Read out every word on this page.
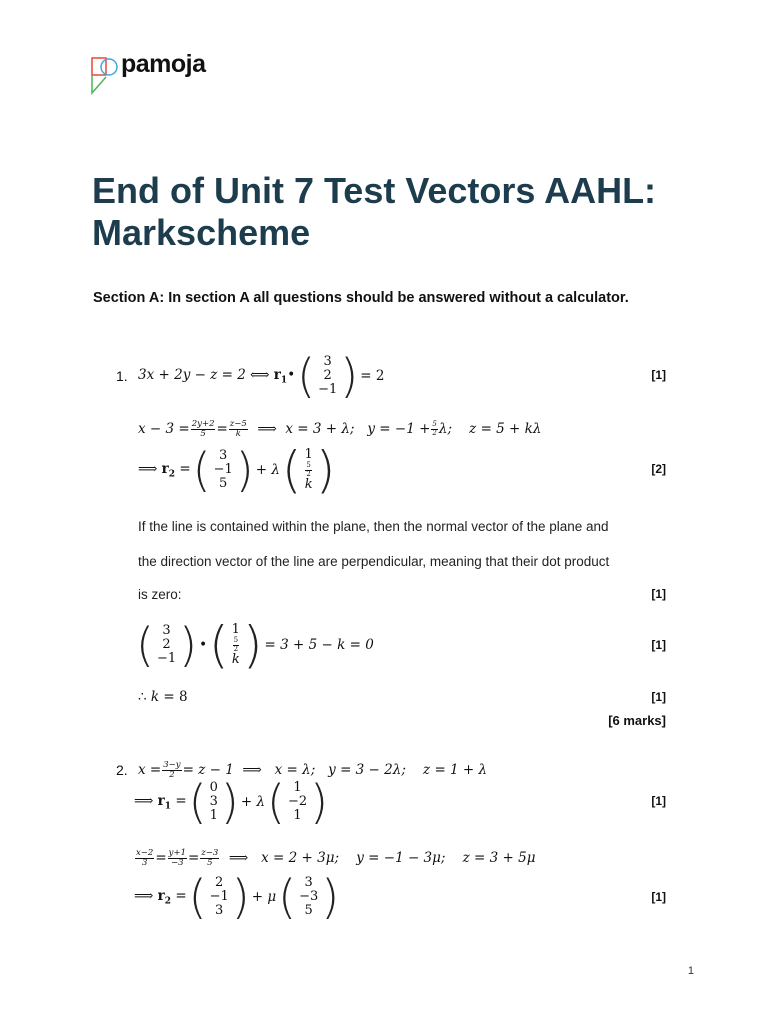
pamoja
End of Unit 7 Test Vectors AAHL: Markscheme
Section A: In section A all questions should be answered without a calculator.
1. 3x + 2y − z = 2 ⟺ $r_1•$ ( 3
2
−1 ) = 2	[1]
$x - 3 = \frac{2y+2}{5} = \frac{z-5}{k}$ ⟹  x = 3 + λ;   $y = -1 + \frac{5}{2} \lambda$;    z = 5 + kλ
⟹ $r_2$ = ( 3
−1
5 ) + λ ( 1
$\frac{5}{2}$
k )	[2]
If the line is contained within the plane, then the normal vector of the plane and
the direction vector of the line are perpendicular, meaning that their dot product
is zero:	[1]
( 3
2
−1 ) • ( 1
$\frac{5}{2}$
k ) = 3 + 5 − k = 0	[1]
∴ k = 8	[1]
[6 marks]
2. $x = \frac{3-y}{2} = z - 1$  ⟹   x = λ;   y = 3 − 2λ;    z = 1 + λ
⟹ $r_1$ = ( 0
3
1 ) + λ ( 1
−2
1 )	[1]
$\frac{x-2}{3} = \frac{y+1}{-3} = \frac{z-3}{5}$ ⟹   x = 2 + 3μ;    y = −1 − 3μ;    z = 3 + 5μ
⟹ $r_2$ = ( 2
−1
3 ) + μ ( 3
−3
5 )	[1]
1
